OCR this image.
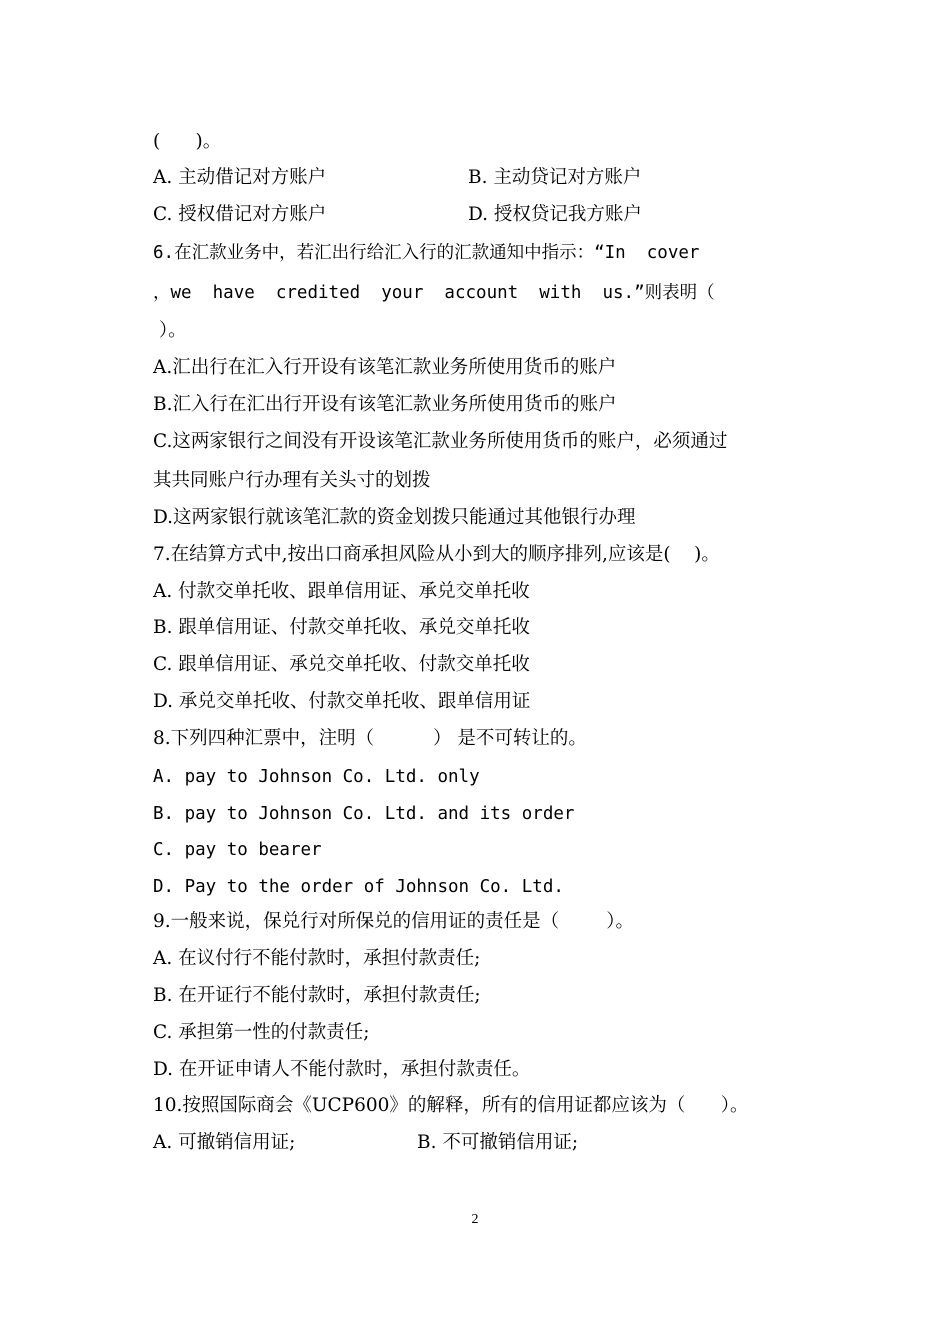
(      )。
A. 主动借记对方账户	B. 主动贷记对方账户
C. 授权借记对方账户	D. 授权贷记我方账户
6.在汇款业务中，若汇出行给汇入行的汇款通知中指示：“In  cover
，we  have  credited  your  account  with  us.”则表明（
）。
A.汇出行在汇入行开设有该笔汇款业务所使用货币的账户
B.汇入行在汇出行开设有该笔汇款业务所使用货币的账户
C.这两家银行之间没有开设该笔汇款业务所使用货币的账户，必须通过
其共同账户行办理有关头寸的划拨
D.这两家银行就该笔汇款的资金划拨只能通过其他银行办理
7.在结算方式中,按出口商承担风险从小到大的顺序排列,应该是(    )。
A. 付款交单托收、跟单信用证、承兑交单托收
B. 跟单信用证、付款交单托收、承兑交单托收
C. 跟单信用证、承兑交单托收、付款交单托收
D. 承兑交单托收、付款交单托收、跟单信用证
8.下列四种汇票中，注明（          ） 是不可转让的。
A. pay to Johnson Co. Ltd. only
B. pay to Johnson Co. Ltd. and its order
C. pay to bearer
D. Pay to the order of Johnson Co. Ltd.
9.一般来说，保兑行对所保兑的信用证的责任是（        ）。
A. 在议付行不能付款时，承担付款责任;
B. 在开证行不能付款时，承担付款责任;
C. 承担第一性的付款责任;
D. 在开证申请人不能付款时，承担付款责任。
10.按照国际商会《UCP600》的解释，所有的信用证都应该为（      ）。
A. 可撤销信用证;	B. 不可撤销信用证;
2
